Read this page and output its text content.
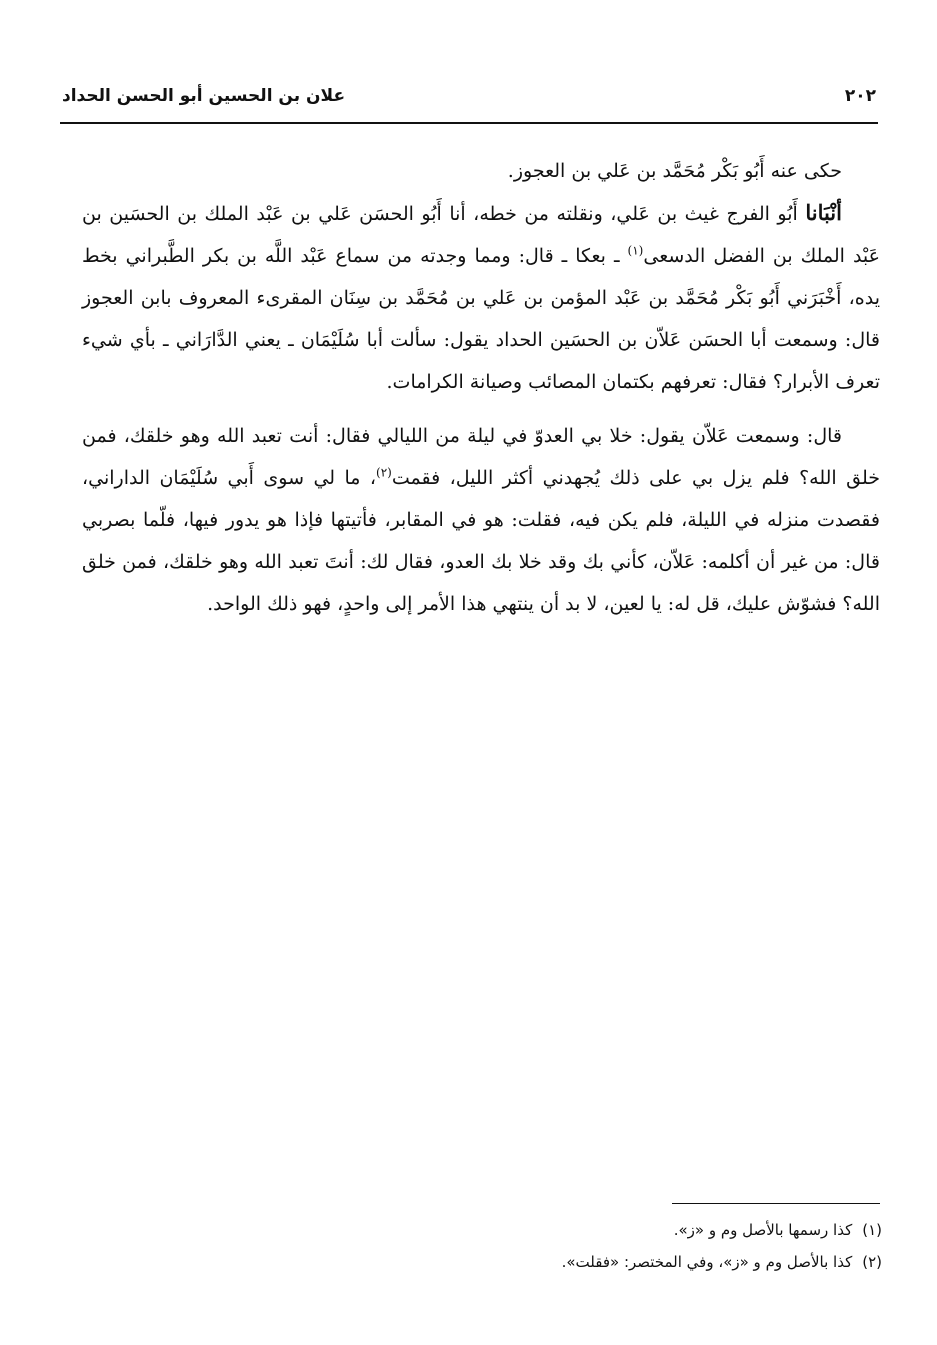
٢٠٢
علان بن الحسين أبو الحسن الحداد

حكى عنه أَبُو بَكْر مُحَمَّد بن عَلي بن العجوز.

أنْبَانا أَبُو الفرج غيث بن عَلي، ونقلته من خطه، أنا أَبُو الحسَن عَلي بن عَبْد الملك بن الحسَين بن عَبْد الملك بن الفضل الدسعى$^{(١)}$ ـ بعكا ـ قال: ومما وجدته من سماع عَبْد اللَّه بن بكر الطَّبراني بخط يده، أَخْبَرَني أَبُو بَكْر مُحَمَّد بن عَبْد المؤمن بن عَلي بن مُحَمَّد بن سِنَان المقرىء المعروف بابن العجوز قال: وسمعت أبا الحسَن عَلاّن بن الحسَين الحداد يقول: سألت أبا سُلَيْمَان ـ يعني الدَّارَاني ـ بأي شيء تعرف الأبرار؟ فقال: تعرفهم بكتمان المصائب وصيانة الكرامات.

قال: وسمعت عَلاّن يقول: خلا بي العدوّ في ليلة من الليالي فقال: أنت تعبد الله وهو خلقك، فمن خلق الله؟ فلم يزل بي على ذلك يُجهدني أكثر الليل، فقمت$^{(٢)}$، ما لي سوى أَبي سُلَيْمَان الداراني، فقصدت منزله في الليلة، فلم يكن فيه، فقلت: هو في المقابر، فأتيتها فإذا هو يدور فيها، فلّما بصربي قال: من غير أن أكلمه: عَلاّن، كأني بك وقد خلا بك العدو، فقال لك: أنتَ تعبد الله وهو خلقك، فمن خلق الله؟ فشوّش عليك، قل له: يا لعين، لا بد أن ينتهي هذا الأمر إلى واحدٍ، فهو ذلك الواحد.

(١)كذا رسمها بالأصل وم و «ز».

(٢)كذا بالأصل وم و «ز»، وفي المختصر: «فقلت».
